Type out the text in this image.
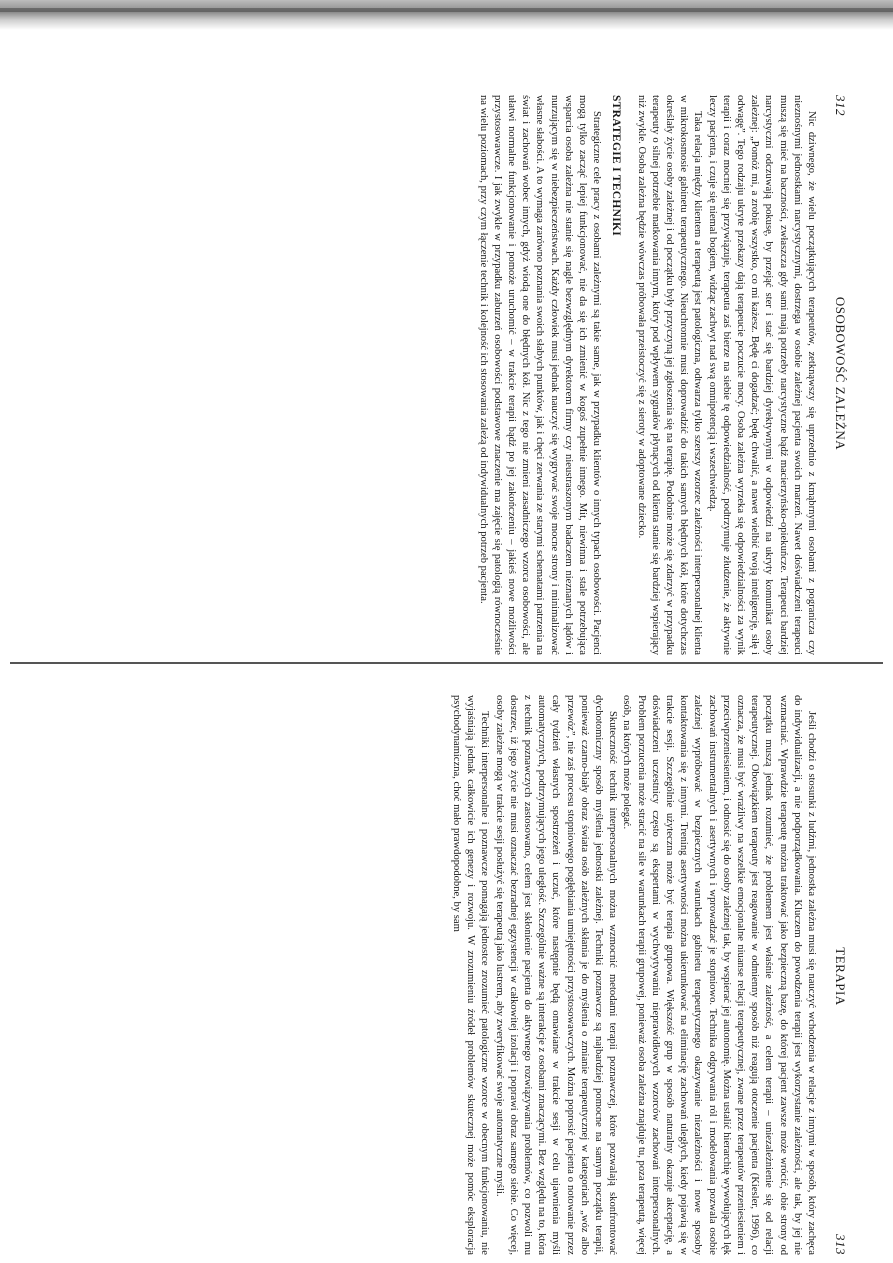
312
OSOBOWOŚĆ ZALEŻNA

Nic dziwnego, że wielu początkujących terapeutów, zetknąwszy się uprzednio z kmąbrnymi osobami z pogranicza czy nieznośnymi jednostkami narcystycznymi, dostrzega w osobie zależnej pacjenta swoich marzeń. Nawet doświadczeni terapeuci muszą się mieć na baczności, zwłaszcza gdy sami mają potrzeby narcystyczne bądź macierzyńsko-opiekuńcze. Terapeuci bardziej narcystyczni odczuwają pokusę, by przejąć ster i stać się bardziej dyrektywnymi w odpowiedzi na ukryty komunikat osoby zależnej: „Pomóż mi, a zrobię wszystko, co mi każesz. Będę ci dogadzać; będę chwalić, a nawet wielbić twoją inteligencję, siłę i odwagę”. Tego rodzaju ukryte przekazy dają terapeucie poczucie mocy. Osoba zależna wyrzeka się odpowiedzialności za wynik terapii i coraz mocniej się przywiązuje, terapeuta zaś bierze na siebie tę odpowiedzialność, podtrzymuje złudzenie, że aktywnie leczy pacjenta, i czuje się niemal bogiem, widząc zachwyt nad swą omnipotencją i wszechwiedzą.

Taka relacja między klientem a terapeutą jest patologiczna, odtwarza tylko szerszy wzorzec zależności interpersonalnej klienta w mikrokosmosie gabinetu terapeutycznego. Nieuchronnie musi doprowadzić do takich samych błędnych kół, które dotychczas określały życie osoby zależnej i od początku były przyczyną jej zgłoszenia się na terapię. Podobnie może się zdarzyć w przypadku terapeuty o silnej potrzebie matkowania innym, który pod wpływem sygnałów płynących od klienta stanie się bardziej wspierający niż zwykle. Osoba zależna będzie wówczas próbowała przeistoczyć się z sieroty w adoptowane dziecko.

STRATEGIE I TECHNIKI

Strategiczne cele pracy z osobami zależnymi są takie same, jak w przypadku klientów o innych typach osobowości. Pacjenci mogą tylko zacząć lepiej funkcjonować, nie da się ich zmienić w kogoś zupełnie innego. Mit, niewinna i stale potrzebująca wsparcia osoba zależna nie stanie się nagle bezwzględnym dyrektorem firmy czy nieustraszonym badaczem nieznanych lądów i nurzującym się w niebezpieczeństwach. Każdy człowiek musi jednak nauczyć się wygrywać swoje mocne strony i minimalizować własne słabości. A to wymaga zarówno poznania swoich słabych punktów, jak i chęci zerwania ze starymi schematami patrzenia na świat i zachowań wobec innych, gdyż wiodą one do błędnych kół. Nic z tego nie zmieni zasadniczego wzorca osobowości, ale ułatwi normalne funkcjonowanie i pomoże uruchomić – w trakcie terapii bądź po jej zakończeniu – jakieś nowe możliwości przystosowawcze. I jak zwykle w przypadku zaburzeń osobowości podstawowe znaczenie ma zajęcie się patologią równocześnie na wielu poziomach, przy czym łączenie technik i kolejność ich stosowania zależą od indywidualnych potrzeb pacjenta.

TERAPIA
313

Jeśli chodzi o stosunki z ludźmi, jednostka zależna musi się nauczyć wchodzenia w relacje z innymi w sposób, który zachęca do indywidualizacji, a nie podporządkowania. Kluczem do powodzenia terapii jest wykorzystanie zależności, ale tak, by jej nie wzmacniać. Wprawdzie terapeutę można traktować jako bezpieczną bazę, do której pacjent zawsze może wrócić, obie strony od początku muszą jednak rozumieć, że problemem jest właśnie zależność, a celem terapii – uniezależnienie się od relacji terapeutycznej. Obowiązkiem terapeuty jest reagowanie w odmienny sposób niż reagują otoczenie pacjenta (Kiesler, 1996), co oznacza, że musi być wrażliwy na wszelkie emocjonalne niuanse relacji terapeutycznej, zwane przez terapeutów przeniesieniem i przeciwprzeniesieniem, i odnosić się do osoby zależnej tak, by wspierać jej autonomię. Można ustalić hierarchię wywołujących lęk zachowań instrumentalnych i asertywnych i wprowadzać je stopniowo. Technika odgrywania ról i modelowania pozwala osobie zależnej wypróbować w bezpiecznych warunkach gabinetu terapeutycznego okazywanie niezależności i nowe sposoby kontaktowania się z innymi. Trening asertywności można ukierunkować na eliminację zachowań uległych, kiedy pojawią się w trakcie sesji. Szczególnie użyteczna może być terapia grupowa. Większość grup w sposób naturalny okazuje akceptację, a doświadczeni uczestnicy często są ekspertami w wychwytywaniu nieprawidłowych wzorców zachowań interpersonalnych. Problem porzucenia może stracić na sile w warunkach terapii grupowej, ponieważ osoba zależna znajduje tu, poza terapeutą, więcej osób, na których może polegać.

Skuteczność technik interpersonalnych można wzmocnić metodami terapii poznawczej, które pozwalają skonfrontować dychotomiczny sposób myślenia jednostki zależnej. Techniki poznawcze są najbardziej pomocne na samym początku terapii, ponieważ czarno-biały obraz świata osób zależnych skłania je do myślenia o zmianie terapeutycznej w kategoriach „wóz albo przewóz”, nie zaś procesu stopniowego pogłębiania umiejętności przystosowawczych. Można poprosić pacjenta o notowanie przez cały tydzień własnych spostrzeżeń i uczuć, które następnie będą omawiane w trakcie sesji w celu ujawnienia myśli automatycznych, podtrzymujących jego uległość. Szczególnie ważne są interakcje z osobami znaczącymi. Bez względu na to, która z technik poznawczych zastosowano, celem jest skłonienie pacjenta do aktywnego rozwiązywania problemów, co pozwoli mu dostrzec, iż jego życie nie musi oznaczać bezradnej egzystencji w całkowitej izolacji i poprawi obraz samego siebie. Co więcej, osoby zależne mogą w trakcie sesji posłużyć się terapeutą jako lustrem, aby zweryfikować swoje automatyczne myśli.

Techniki interpersonalne i poznawcze pomagają jednostce zrozumieć patologiczne wzorce w obecnym funkcjonowaniu, nie wyjaśniają jednak całkowicie ich genezy i rozwoju. W zrozumieniu źródeł problemów skutecznej może pomóc eksploracja psychodynamiczna, choć mało prawdopodobne, by sam
